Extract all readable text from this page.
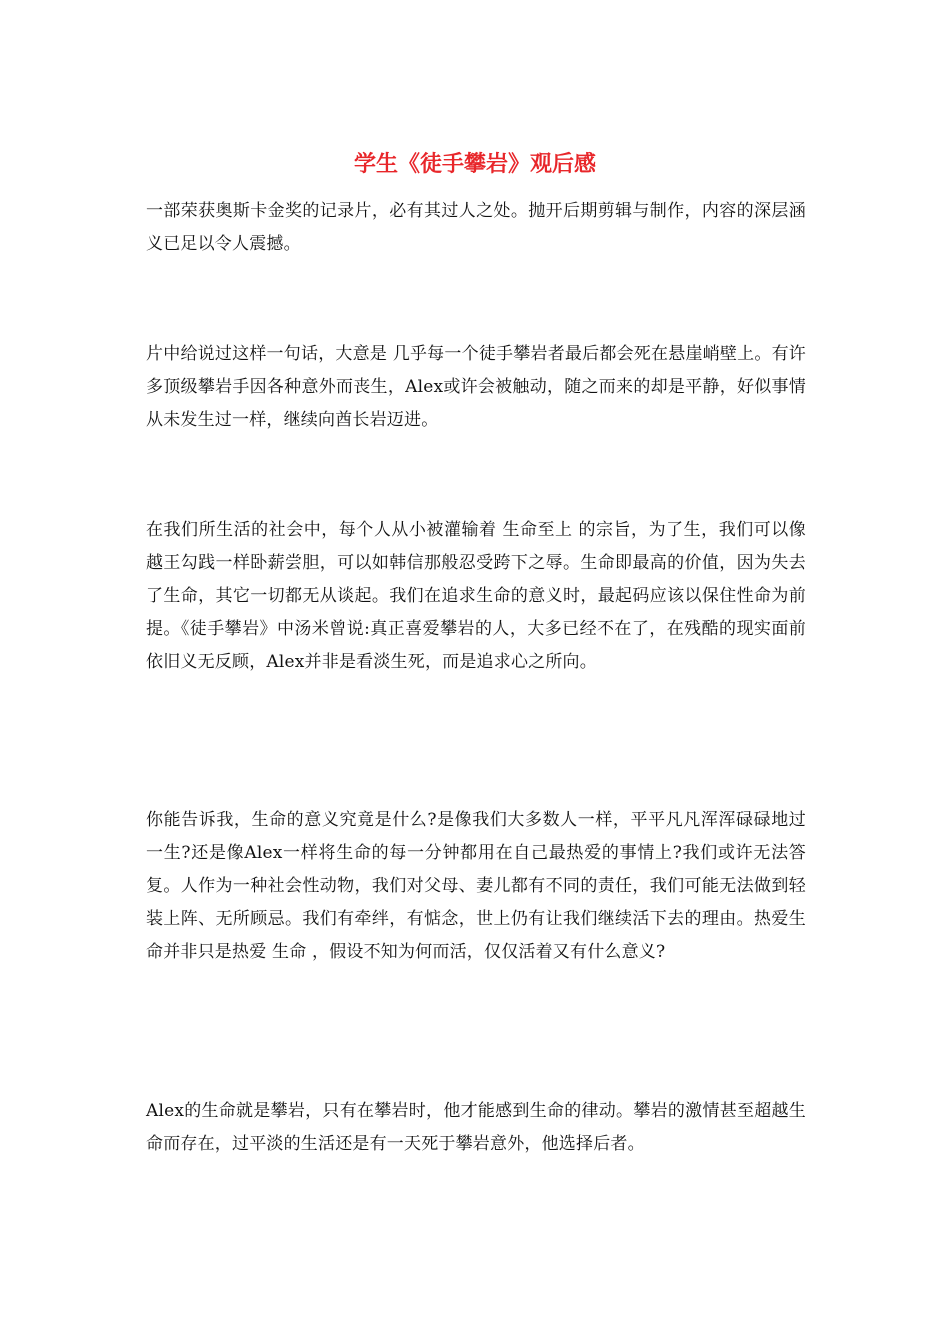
学生《徒手攀岩》观后感

一部荣获奥斯卡金奖的记录片，必有其过人之处。抛开后期剪辑与制作，内容的深层涵义已足以令人震撼。

片中给说过这样一句话，大意是 几乎每一个徒手攀岩者最后都会死在悬崖峭壁上。有许多顶级攀岩手因各种意外而丧生，Alex或许会被触动，随之而来的却是平静，好似事情从未发生过一样，继续向酋长岩迈进。

在我们所生活的社会中，每个人从小被灌输着 生命至上 的宗旨，为了生，我们可以像越王勾践一样卧薪尝胆，可以如韩信那般忍受跨下之辱。生命即最高的价值，因为失去了生命，其它一切都无从谈起。我们在追求生命的意义时，最起码应该以保住性命为前提。《徒手攀岩》中汤米曾说:真正喜爱攀岩的人，大多已经不在了，在残酷的现实面前依旧义无反顾，Alex并非是看淡生死，而是追求心之所向。

你能告诉我，生命的意义究竟是什么?是像我们大多数人一样，平平凡凡浑浑碌碌地过一生?还是像Alex一样将生命的每一分钟都用在自己最热爱的事情上?我们或许无法答复。人作为一种社会性动物，我们对父母、妻儿都有不同的责任，我们可能无法做到轻装上阵、无所顾忌。我们有牵绊，有惦念，世上仍有让我们继续活下去的理由。热爱生命并非只是热爱 生命 ，假设不知为何而活，仅仅活着又有什么意义?

Alex的生命就是攀岩，只有在攀岩时，他才能感到生命的律动。攀岩的激情甚至超越生命而存在，过平淡的生活还是有一天死于攀岩意外，他选择后者。
